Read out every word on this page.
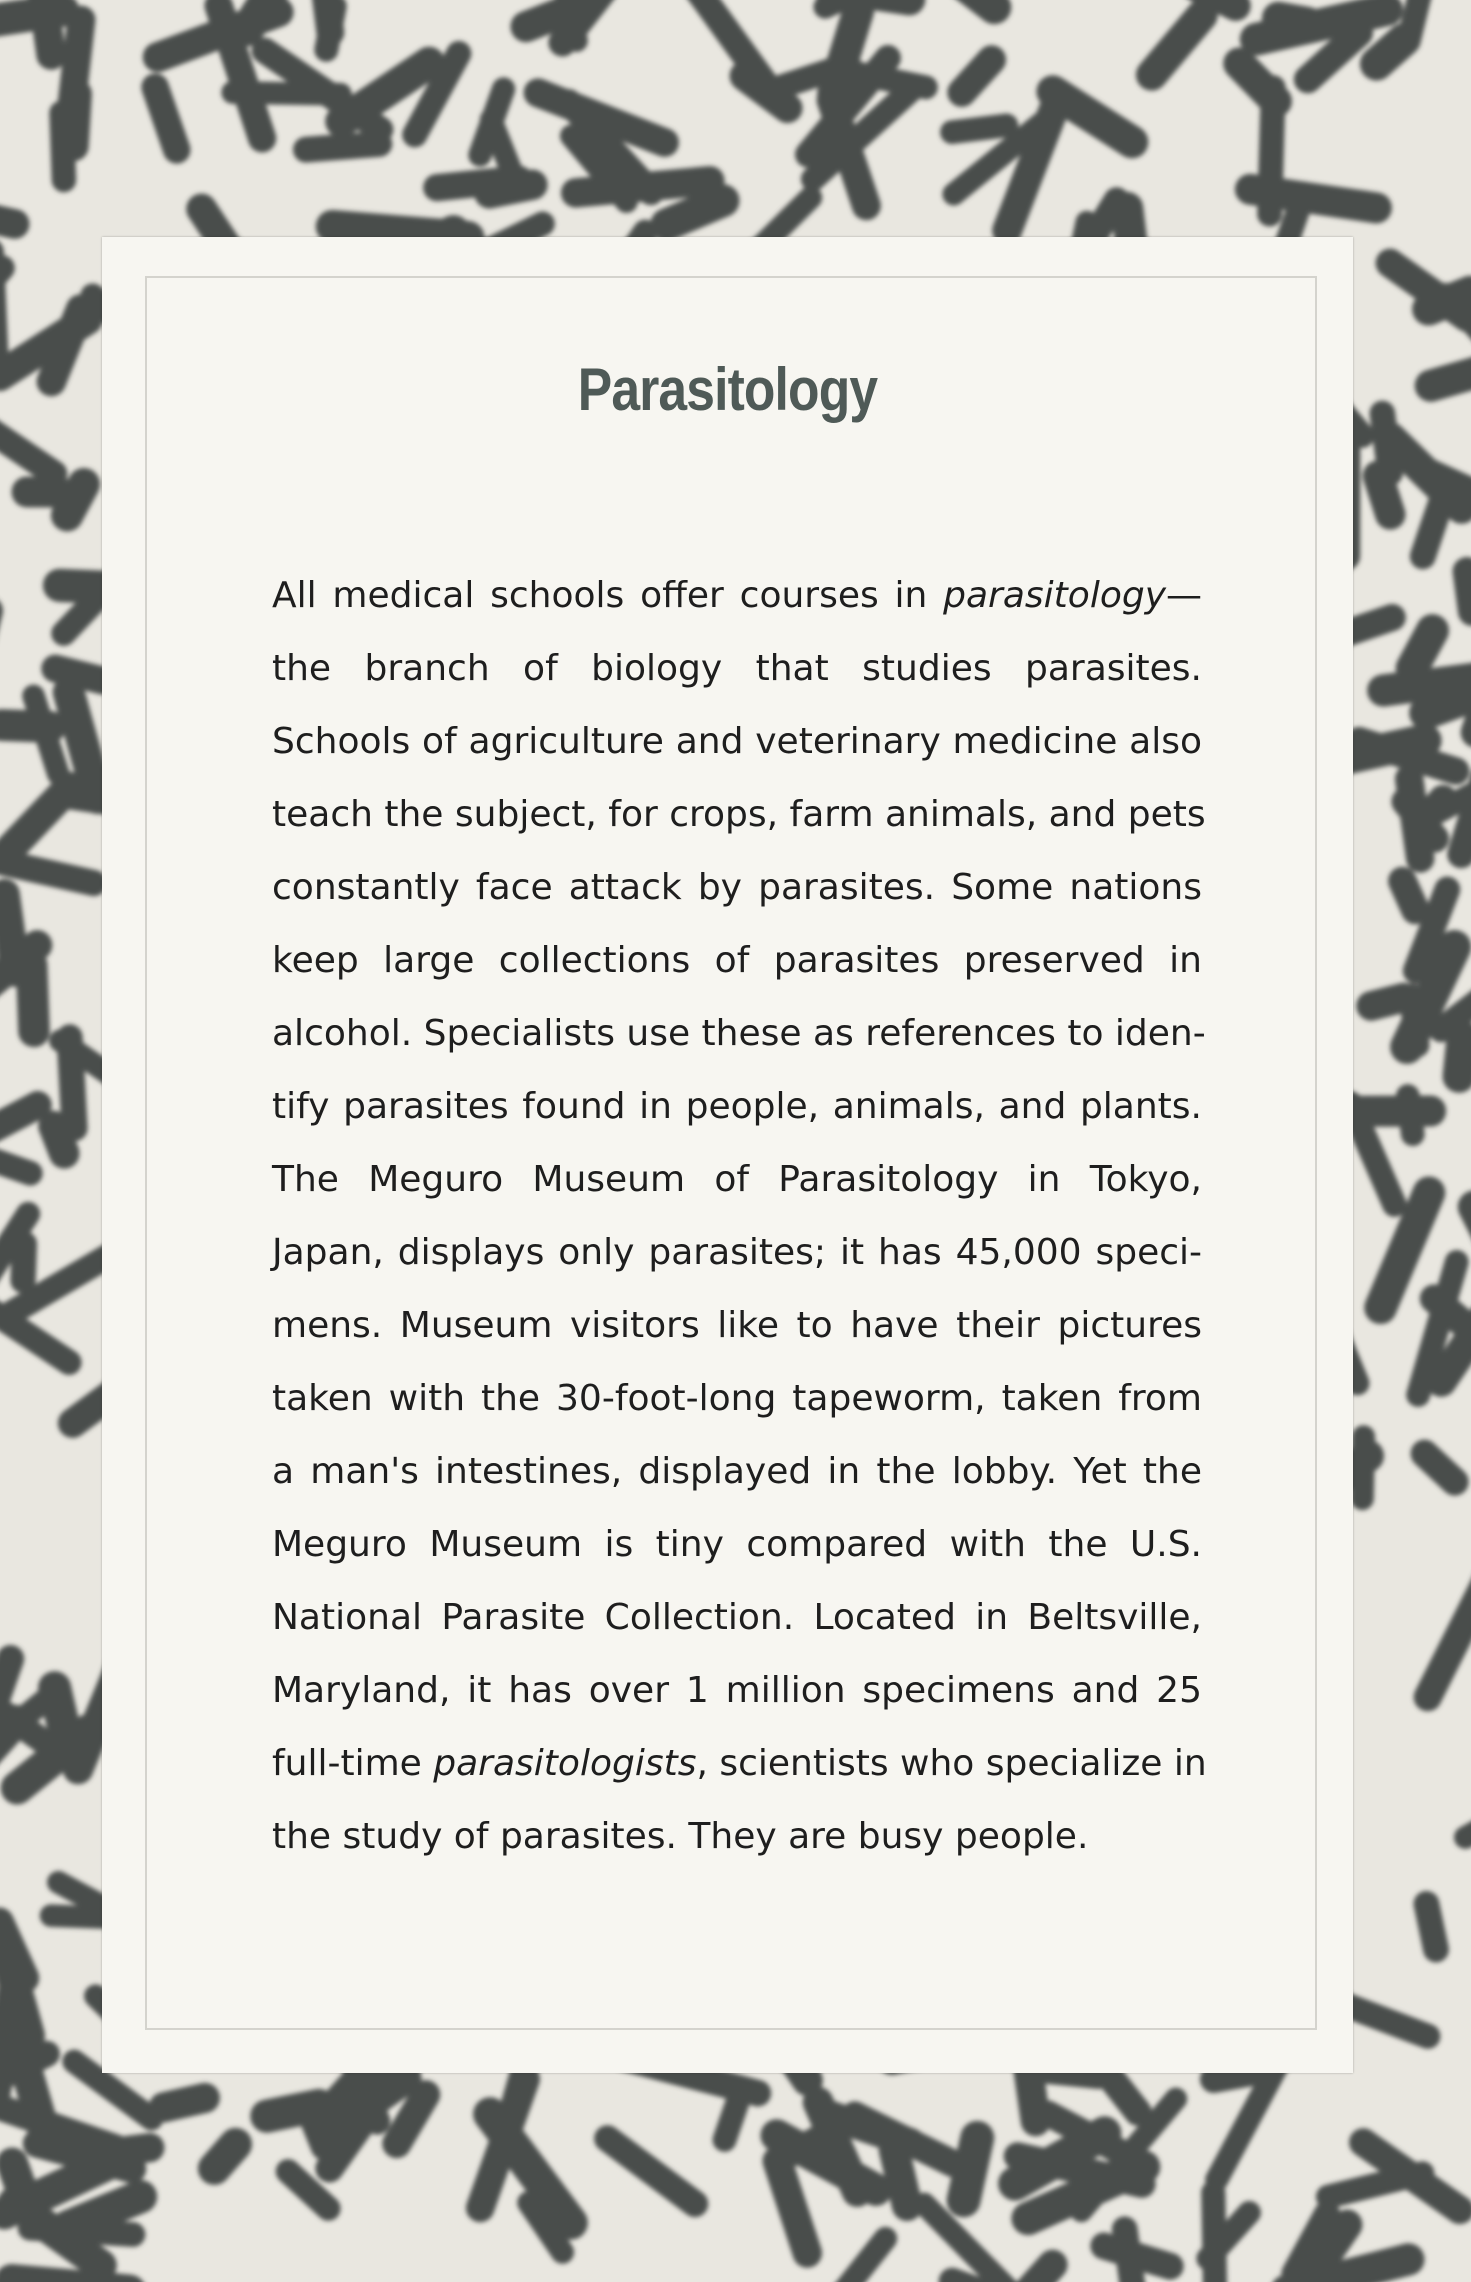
Parasitology
All medical schools offer courses in parasitology—
the branch of biology that studies parasites.
Schools of agriculture and veterinary medicine also
teach the subject, for crops, farm animals, and pets
constantly face attack by parasites. Some nations
keep large collections of parasites preserved in
alcohol. Specialists use these as references to iden-
tify parasites found in people, animals, and plants.
The Meguro Museum of Parasitology in Tokyo,
Japan, displays only parasites; it has 45,000 speci-
mens. Museum visitors like to have their pictures
taken with the 30-foot-long tapeworm, taken from
a man's intestines, displayed in the lobby. Yet the
Meguro Museum is tiny compared with the U.S.
National Parasite Collection. Located in Beltsville,
Maryland, it has over 1 million specimens and 25
full-time parasitologists, scientists who specialize in
the study of parasites. They are busy people.
